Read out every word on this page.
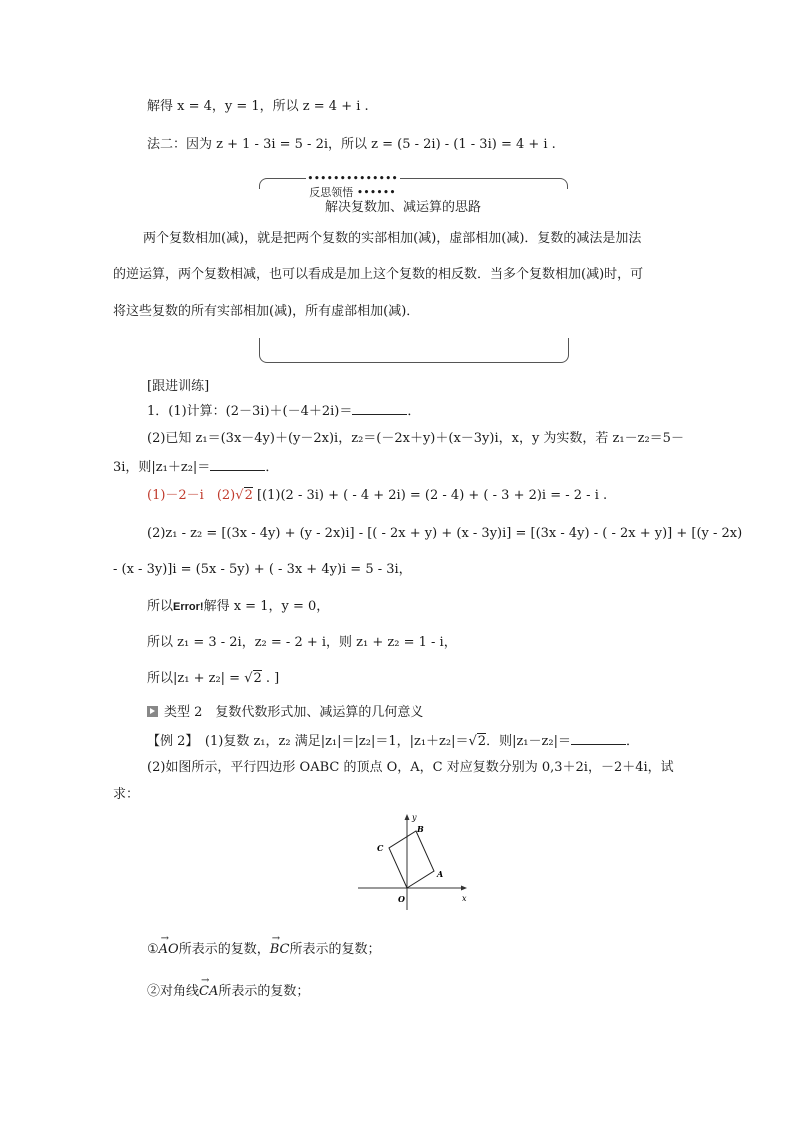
解得 x = 4，y = 1，所以 z = 4 + i .
法二：因为 z + 1 - 3i = 5 - 2i，所以 z = (5 - 2i) - (1 - 3i) = 4 + i .
••••••••••••••反思领悟 ••••••
解决复数加、减运算的思路
两个复数相加(减)，就是把两个复数的实部相加(减)，虚部相加(减)．复数的减法是加法
的逆运算，两个复数相减，也可以看成是加上这个复数的相反数．当多个复数相加(减)时，可
将这些复数的所有实部相加(减)，所有虚部相加(减)．
[跟进训练]
1．(1)计算：(2－3i)＋(－4＋2i)＝	．
(2)已知 z₁＝(3x－4y)＋(y－2x)i，z₂＝(－2x＋y)＋(x－3y)i，x，y 为实数，若 z₁－z₂＝5－
3i，则|z₁＋z₂|＝	．
(1)－2－i　(2)√2 [(1)(2 - 3i) + ( - 4 + 2i) = (2 - 4) + ( - 3 + 2)i = - 2 - i .
(2)z₁ - z₂ = [(3x - 4y) + (y - 2x)i] - [( - 2x + y) + (x - 3y)i] = [(3x - 4y) - ( - 2x + y)] + [(y - 2x)
- (x - 3y)]i = (5x - 5y) + ( - 3x + 4y)i = 5 - 3i，
所以Error!解得 x = 1，y = 0，
所以 z₁ = 3 - 2i，z₂ = - 2 + i，则 z₁ + z₂ = 1 - i，
所以|z₁ + z₂| = √2 . ]
类型 2　复数代数形式加、减运算的几何意义
【例 2】　(1)复数 z₁，z₂ 满足|z₁|＝|z₂|＝1，|z₁＋z₂|＝√2．则|z₁－z₂|＝	．
(2)如图所示，平行四边形 OABC 的顶点 O，A，C 对应复数分别为 0,3＋2i，－2＋4i，试
求：
y
x
O
A
B
C
①→ AO所表示的复数，→ BC所表示的复数；
②对角线→ CA所表示的复数；
